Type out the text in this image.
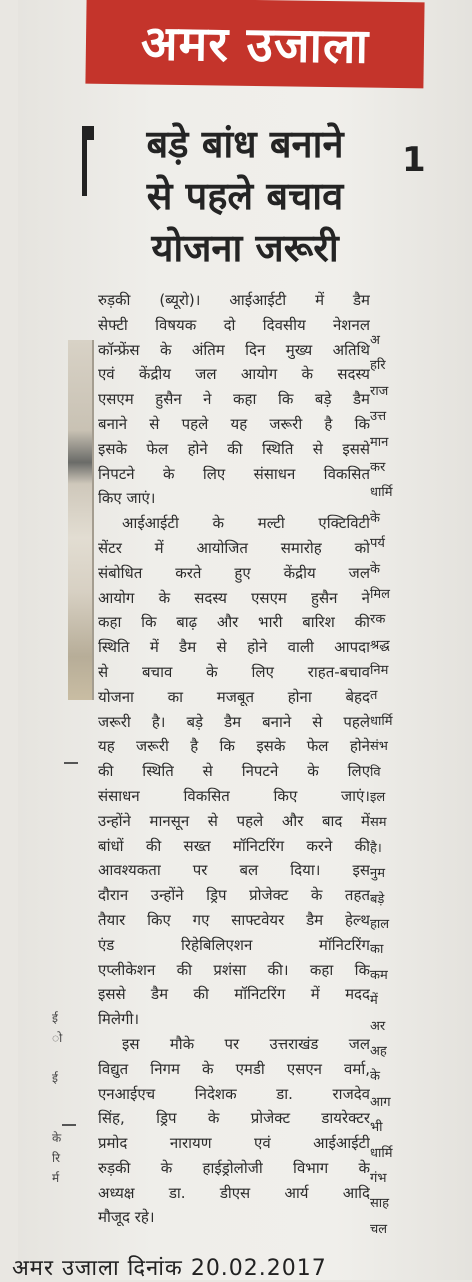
अमर उजाला
बड़े बांध बनाने
से पहले बचाव
योजना जरूरी
1
रुड़की (ब्यूरो)। आईआईटी में डैम
सेफ्टी विषयक दो दिवसीय नेशनल
कॉन्फ्रेंस के अंतिम दिन मुख्य अतिथि
एवं केंद्रीय जल आयोग के सदस्य
एसएम हुसैन ने कहा कि बड़े डैम
बनाने से पहले यह जरूरी है कि
इसके फेल होने की स्थिति से इससे
निपटने के लिए संसाधन विकसित
किए जाएं।
आईआईटी के मल्टी एक्टिविटी
सेंटर में आयोजित समारोह को
संबोधित करते हुए केंद्रीय जल
आयोग के सदस्य एसएम हुसैन ने
कहा कि बाढ़ और भारी बारिश की
स्थिति में डैम से होने वाली आपदा
से बचाव के लिए राहत-बचाव
योजना का मजबूत होना बेहद
जरूरी है। बड़े डैम बनाने से पहले
यह जरूरी है कि इसके फेल होने
की स्थिति से निपटने के लिए
संसाधन विकसित किए जाएं।
उन्होंने मानसून से पहले और बाद में
बांधों की सख्त मॉनिटरिंग करने की
आवश्यकता पर बल दिया। इस
दौरान उन्होंने ड्रिप प्रोजेक्ट के तहत
तैयार किए गए साफ्टवेयर डैम हेल्थ
एंड रिहेबिलिएशन मॉनिटरिंग
एप्लीकेशन की प्रशंसा की। कहा कि
इससे डैम की मॉनिटरिंग में मदद
मिलेगी।
इस मौके पर उत्तराखंड जल
विद्युत निगम के एमडी एसएन वर्मा,
एनआईएच निदेशक डा. राजदेव
सिंह, ड्रिप के प्रोजेक्ट डायरेक्टर
प्रमोद नारायण एवं आईआईटी
रुड़की के हाईड्रोलोजी विभाग के
अध्यक्ष डा. डीएस आर्य आदि
मौजूद रहे।
अ
हरि
राज
उत्त
मान
कर
धार्मि
के
पर्य
के
मिल
रक
श्रद्ध
निम
त
धार्मि
संभ
वि
इल
सम
है।
नुम
बड़े
हाल
का
कम
में
अर
अह
के
आग
भी
धार्मि
गंभ
साह
चल
ई
ो
ई
के
रि
र्म
अमर उजाला दिनांक 20.02.2017
